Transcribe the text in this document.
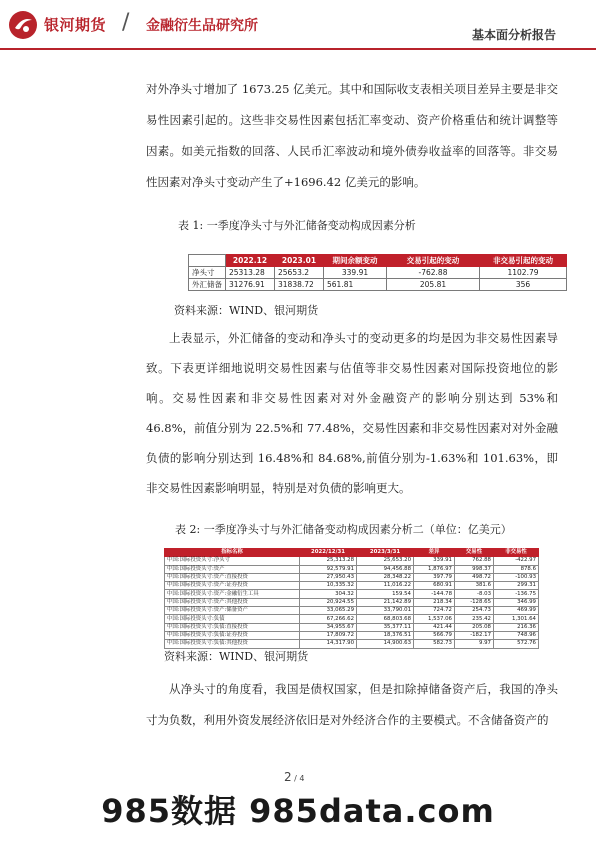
银河期货 / 金融衍生品研究所
基本面分析报告

对外净头寸增加了 1673.25 亿美元。其中和国际收支表相关项目差异主要是非交易性因素引起的。这些非交易性因素包括汇率变动、资产价格重估和统计调整等因素。如美元指数的回落、人民币汇率波动和境外债券收益率的回落等。非交易性因素对净头寸变动产生了+1696.42 亿美元的影响。

表 1: 一季度净头寸与外汇储备变动构成因素分析
	2022.12	2023.01	期间余额变动	交易引起的变动	非交易引起的变动
净头寸	25313.28	25653.2	339.91	-762.88	1102.79
外汇储备	31276.91	31838.72	561.81	205.81	356
资料来源：WIND、银河期货

上表显示，外汇储备的变动和净头寸的变动更多的均是因为非交易性因素导致。下表更详细地说明交易性因素与估值等非交易性因素对国际投资地位的影响。交易性因素和非交易性因素对对外金融资产的影响分别达到 53%和 46.8%，前值分别为 22.5%和 77.48%，交易性因素和非交易性因素对对外金融负债的影响分别达到 16.48%和 84.68%,前值分别为-1.63%和 101.63%，即非交易性因素影响明显，特别是对负债的影响更大。

表 2: 一季度净头寸与外汇储备变动构成因素分析二（单位：亿美元）
指标名称	2022/12/31	2023/3/31	差异	交易性	非交易性
中国:国际投资头寸:净头寸	25,313.28	25,653.20	339.91	762.88	-422.97
中国:国际投资头寸:资产	92,579.91	94,456.88	1,876.97	998.37	878.6
中国:国际投资头寸:资产:直接投资	27,950.43	28,348.22	397.79	498.72	-100.93
中国:国际投资头寸:资产:证券投资	10,335.32	11,016.22	680.91	381.6	299.31
中国:国际投资头寸:资产:金融衍生工具	304.32	159.54	-144.78	-8.03	-136.75
中国:国际投资头寸:资产:其他投资	20,924.55	21,142.89	218.34	-128.65	346.99
中国:国际投资头寸:资产:储备资产	33,065.29	33,790.01	724.72	254.73	469.99
中国:国际投资头寸:负债	67,266.62	68,803.68	1,537.06	235.42	1,301.64
中国:国际投资头寸:负债:直接投资	34,955.67	35,377.11	421.44	205.08	216.36
中国:国际投资头寸:负债:证券投资	17,809.72	18,376.51	566.79	-182.17	748.96
中国:国际投资头寸:负债:其他投资	14,317.90	14,900.63	582.73	9.97	572.76
资料来源：WIND、银河期货

从净头寸的角度看，我国是债权国家，但是扣除掉储备资产后，我国的净头寸为负数，利用外资发展经济依旧是对外经济合作的主要模式。不含储备资产的

2 / 4
985数据 985data.com
